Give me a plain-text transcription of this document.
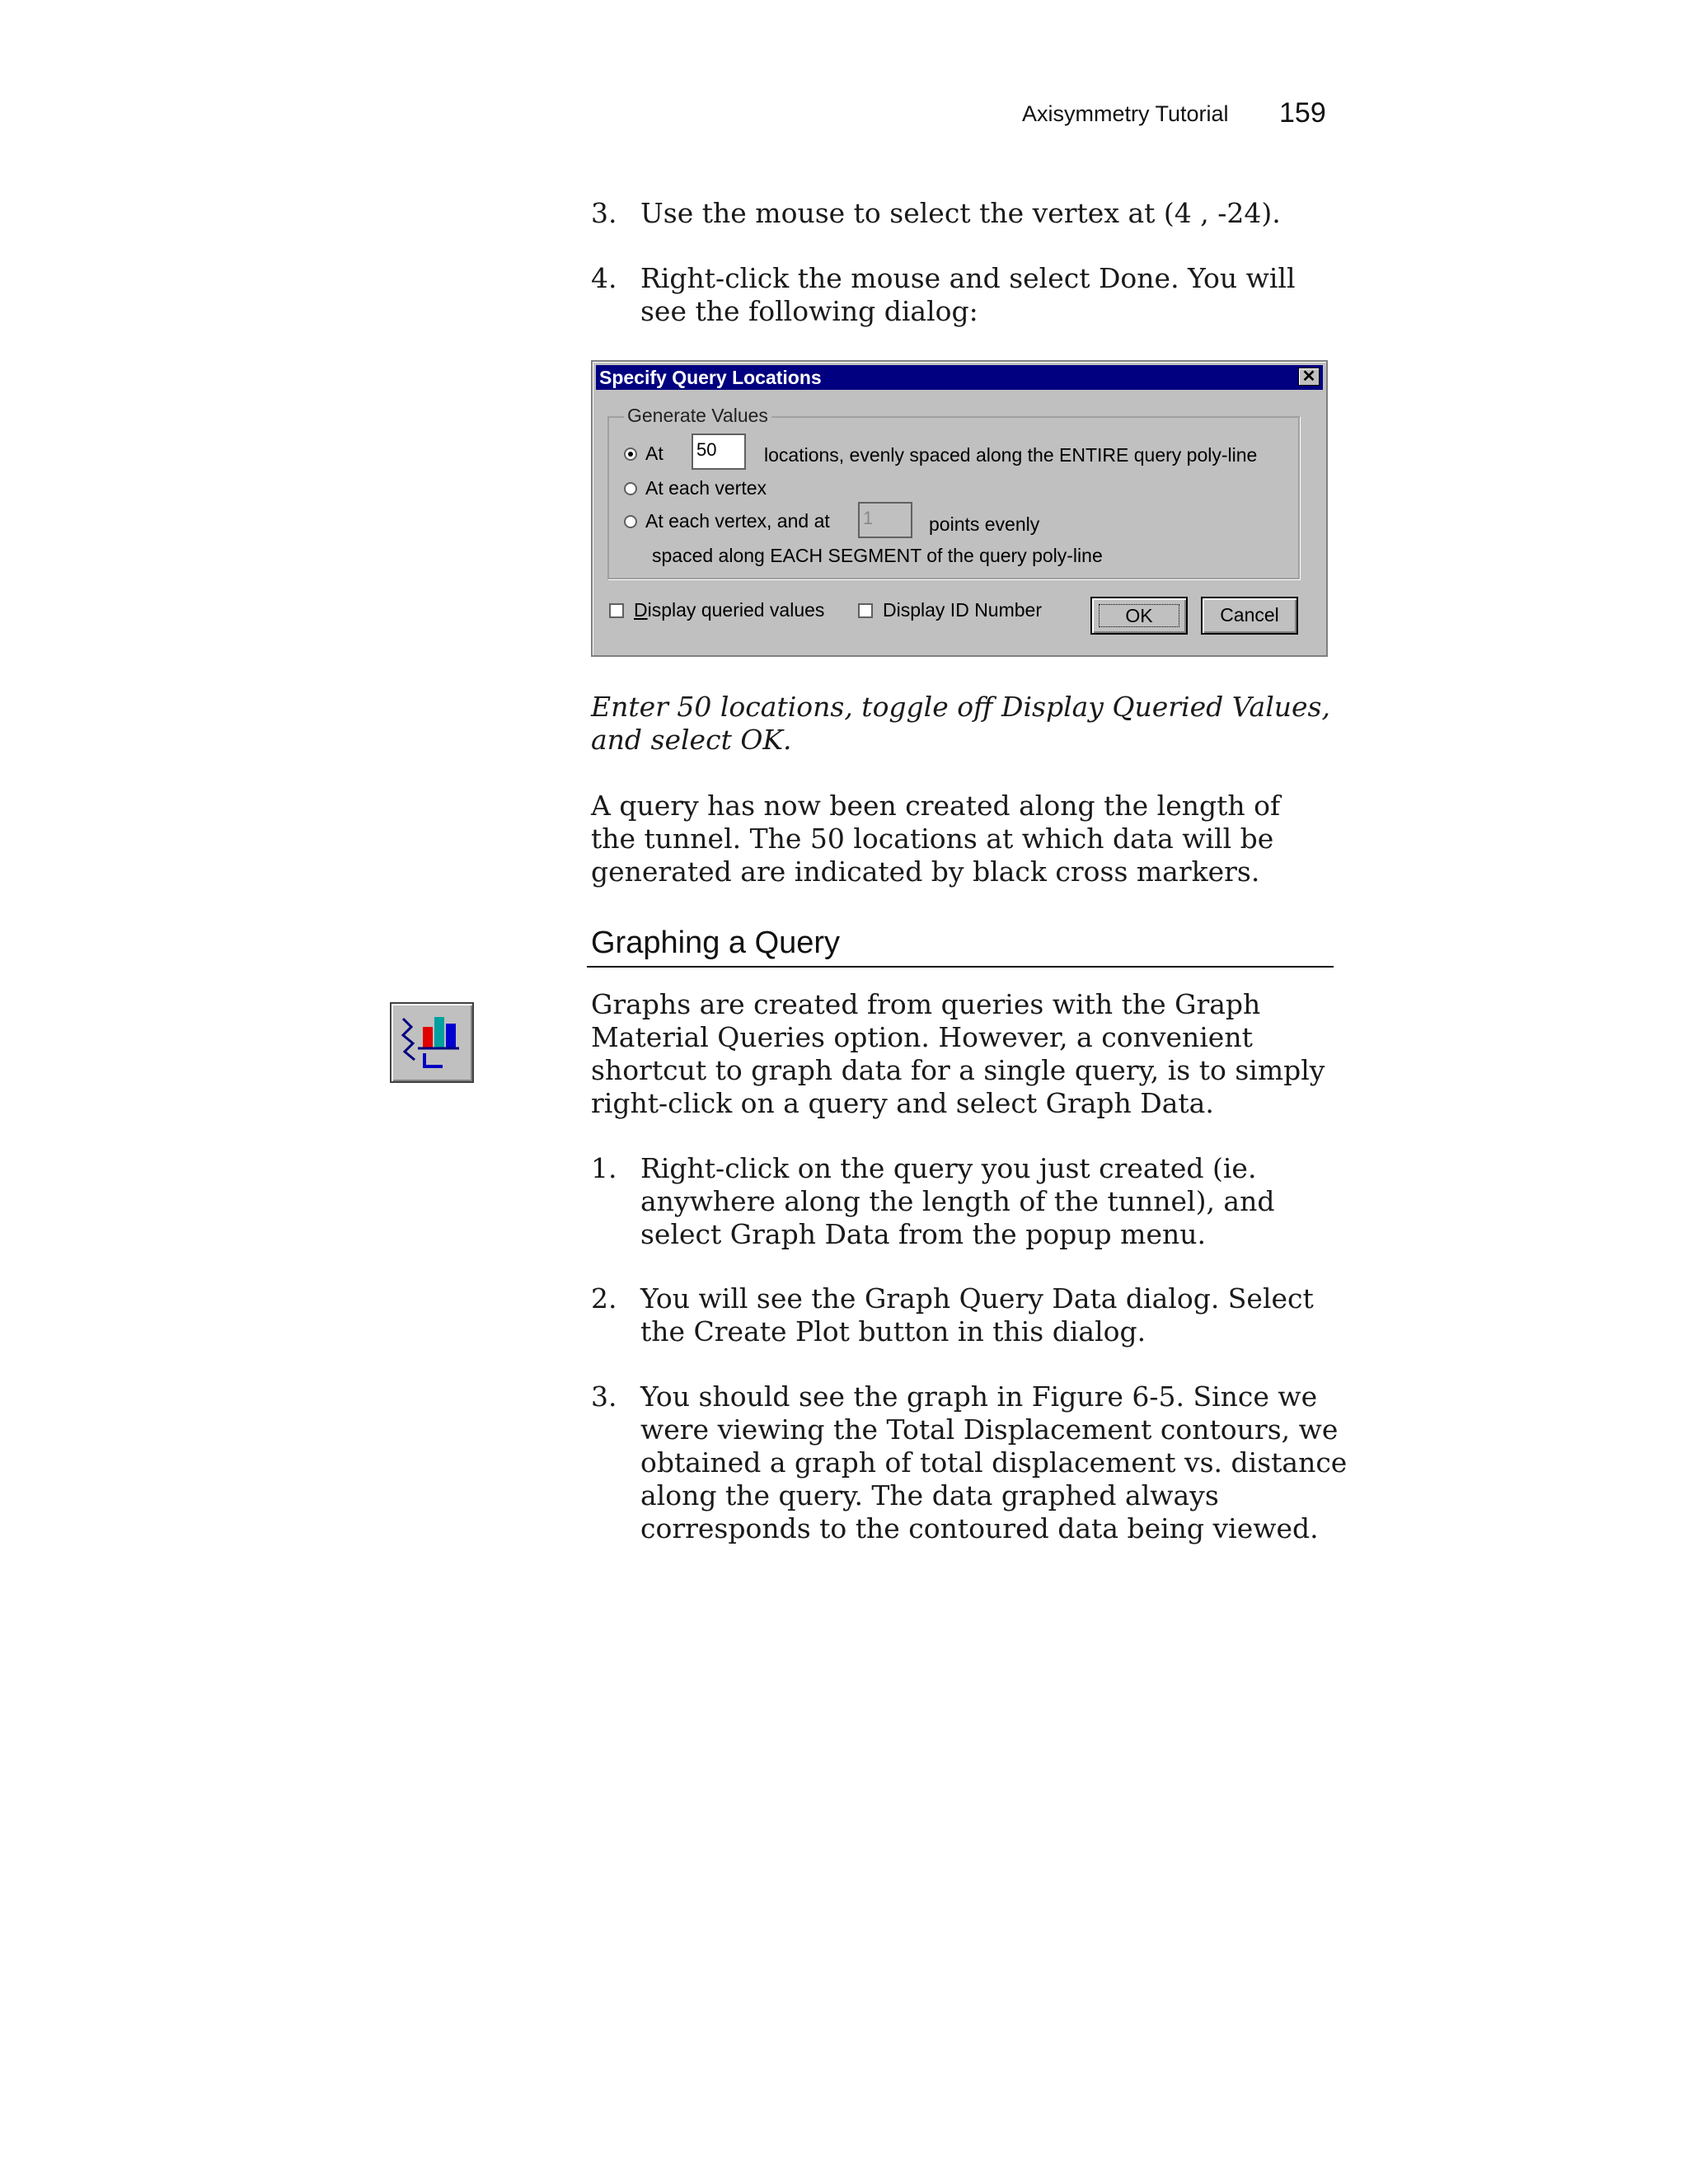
Axisymmetry Tutorial 159
3. Use the mouse to select the vertex at (4 , -24).
4. Right-click the mouse and select Done. You will see the following dialog:
Specify Query Locations	✕
Generate Values
At 50	locations, evenly spaced along the ENTIRE query poly-line
At each vertex
At each vertex, and at 1	points evenly
spaced along EACH SEGMENT of the query poly-line
Display queried values	Display ID Number	OK	Cancel
Enter 50 locations, toggle off Display Queried Values, and select OK.
A query has now been created along the length of the tunnel. The 50 locations at which data will be generated are indicated by black cross markers.
Graphing a Query
Graphs are created from queries with the Graph Material Queries option. However, a convenient shortcut to graph data for a single query, is to simply right-click on a query and select Graph Data.
1. Right-click on the query you just created (ie. anywhere along the length of the tunnel), and select Graph Data from the popup menu.
2. You will see the Graph Query Data dialog. Select the Create Plot button in this dialog.
3. You should see the graph in Figure 6-5. Since we were viewing the Total Displacement contours, we obtained a graph of total displacement vs. distance along the query. The data graphed always corresponds to the contoured data being viewed.
